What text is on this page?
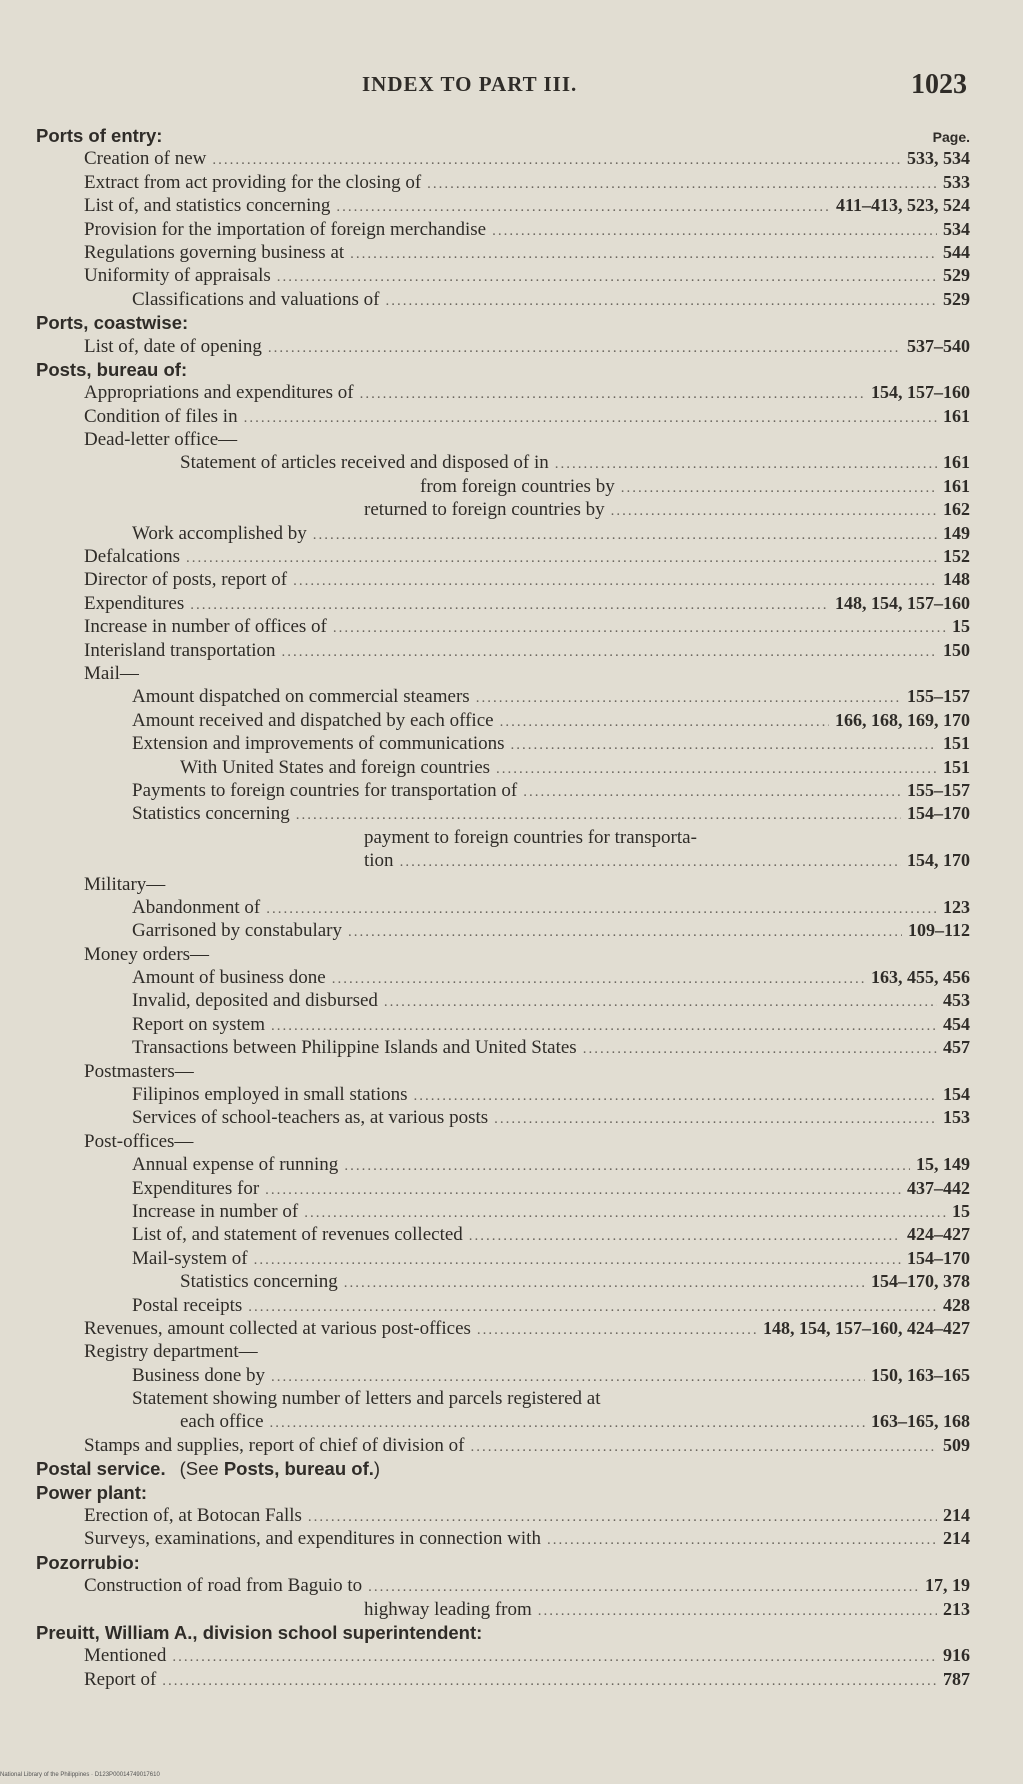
INDEX TO PART III.	1023
Ports of entry:	Page.
Creation of new .....	533, 534
Extract from act providing for the closing of .....	533
List of, and statistics concerning .....	411–413, 523, 524
Provision for the importation of foreign merchandise .....	534
Regulations governing business at .....	544
Uniformity of appraisals .....	529
Classifications and valuations of .....	529
Ports, coastwise:
List of, date of opening .....	537–540
Posts, bureau of:
Appropriations and expenditures of .....	154, 157–160
Condition of files in .....	161
Dead-letter office—
Statement of articles received and disposed of in .....	161
from foreign countries by .....	161
returned to foreign countries by .....	162
Work accomplished by .....	149
Defalcations .....	152
Director of posts, report of .....	148
Expenditures .....	148, 154, 157–160
Increase in number of offices of .....	15
Interisland transportation .....	150
Mail—
Amount dispatched on commercial steamers .....	155–157
Amount received and dispatched by each office .....	166, 168, 169, 170
Extension and improvements of communications .....	151
With United States and foreign countries .....	151
Payments to foreign countries for transportation of .....	155–157
Statistics concerning .....	154–170
payment to foreign countries for transporta-
tion .....	154, 170
Military—
Abandonment of .....	123
Garrisoned by constabulary .....	109–112
Money orders—
Amount of business done .....	163, 455, 456
Invalid, deposited and disbursed .....	453
Report on system .....	454
Transactions between Philippine Islands and United States .....	457
Postmasters—
Filipinos employed in small stations .....	154
Services of school-teachers as, at various posts .....	153
Post-offices—
Annual expense of running .....	15, 149
Expenditures for .....	437–442
Increase in number of .....	15
List of, and statement of revenues collected .....	424–427
Mail-system of .....	154–170
Statistics concerning .....	154–170, 378
Postal receipts .....	428
Revenues, amount collected at various post-offices .....	148, 154, 157–160, 424–427
Registry department—
Business done by .....	150, 163–165
Statement showing number of letters and parcels registered at
each office .....	163–165, 168
Stamps and supplies, report of chief of division of .....	509
Postal service. (See Posts, bureau of.)
Power plant:
Erection of, at Botocan Falls .....	214
Surveys, examinations, and expenditures in connection with .....	214
Pozorrubio:
Construction of road from Baguio to .....	17, 19
highway leading from .....	213
Preuitt, William A., division school superintendent:
Mentioned .....	916
Report of .....	787
National Library of the Philippines · D123P00014749017610
